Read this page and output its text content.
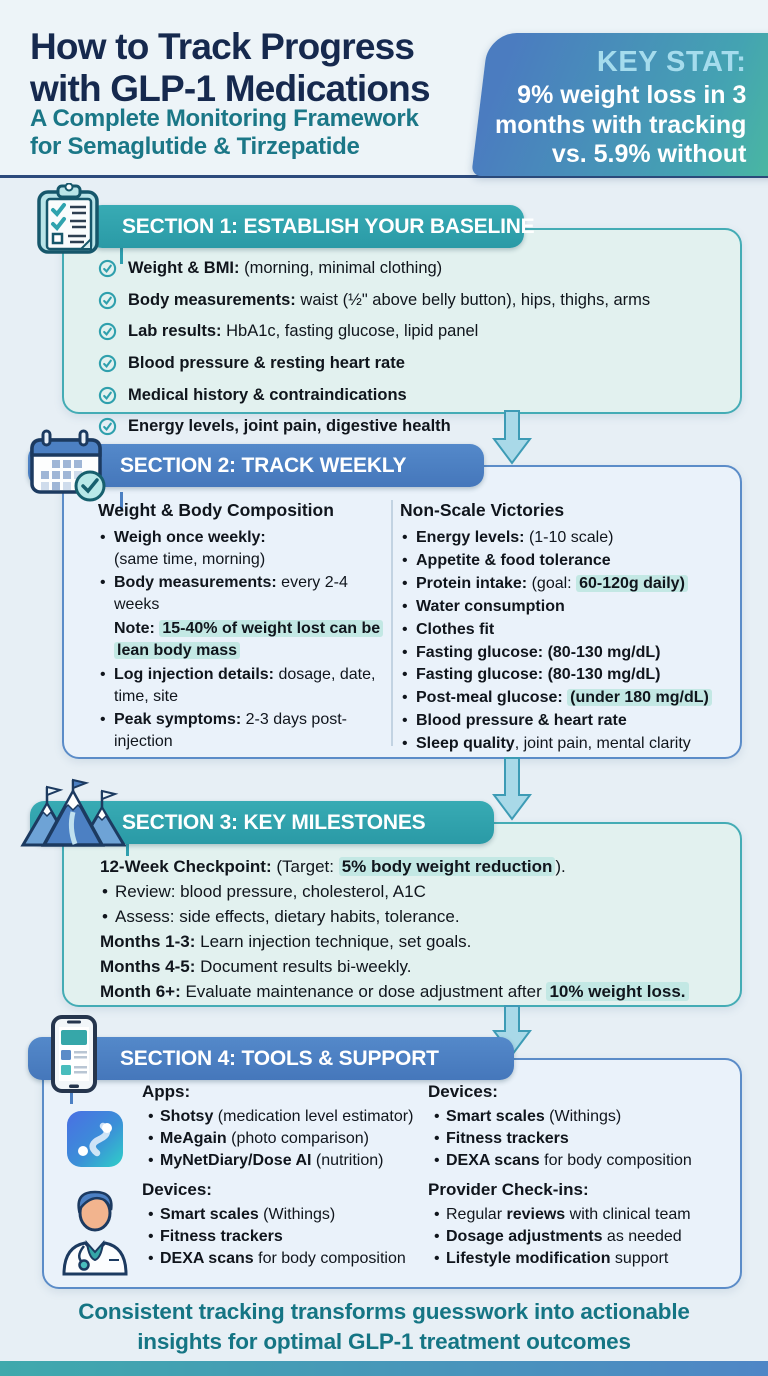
How to Track Progress
with GLP-1 Medications
A Complete Monitoring Framework
for Semaglutide & Tirzepatide
KEY STAT:
9% weight loss in 3
months with tracking
vs. 5.9% without
SECTION 1: ESTABLISH YOUR BASELINE
Weight & BMI: (morning, minimal clothing)
Body measurements: waist (½" above belly button), hips, thighs, arms
Lab results: HbA1c, fasting glucose, lipid panel
Blood pressure & resting heart rate
Medical history & contraindications
Energy levels, joint pain, digestive health
SECTION 2: TRACK WEEKLY
Weight & Body Composition
• Weigh once weekly:
(same time, morning)
• Body measurements: every 2-4 weeks
Note: 15-40% of weight lost can be lean body mass
• Log injection details: dosage, date, time, site
• Peak symptoms: 2-3 days post-injection
Non-Scale Victories
• Energy levels: (1-10 scale)
• Appetite & food tolerance
• Protein intake: (goal: 60-120g daily)
• Water consumption
• Clothes fit
• Fasting glucose: (80-130 mg/dL)
• Fasting glucose: (80-130 mg/dL)
• Post-meal glucose: (under 180 mg/dL)
• Blood pressure & heart rate
• Sleep quality, joint pain, mental clarity
SECTION 3: KEY MILESTONES
12-Week Checkpoint: (Target: 5% body weight reduction ).
• Review: blood pressure, cholesterol, A1C
• Assess: side effects, dietary habits, tolerance.
Months 1-3: Learn injection technique, set goals.
Months 4-5: Document results bi-weekly.
Month 6+: Evaluate maintenance or dose adjustment after 10% weight loss.
SECTION 4: TOOLS & SUPPORT
Apps:
• Shotsy (medication level estimator)
• MeAgain (photo comparison)
• MyNetDiary/Dose AI (nutrition)
Devices:
• Smart scales (Withings)
• Fitness trackers
• DEXA scans for body composition
Devices:
• Smart scales (Withings)
• Fitness trackers
• DEXA scans for body composition
Provider Check-ins:
• Regular reviews with clinical team
• Dosage adjustments as needed
• Lifestyle modification support
Consistent tracking transforms guesswork into actionable
insights for optimal GLP-1 treatment outcomes
